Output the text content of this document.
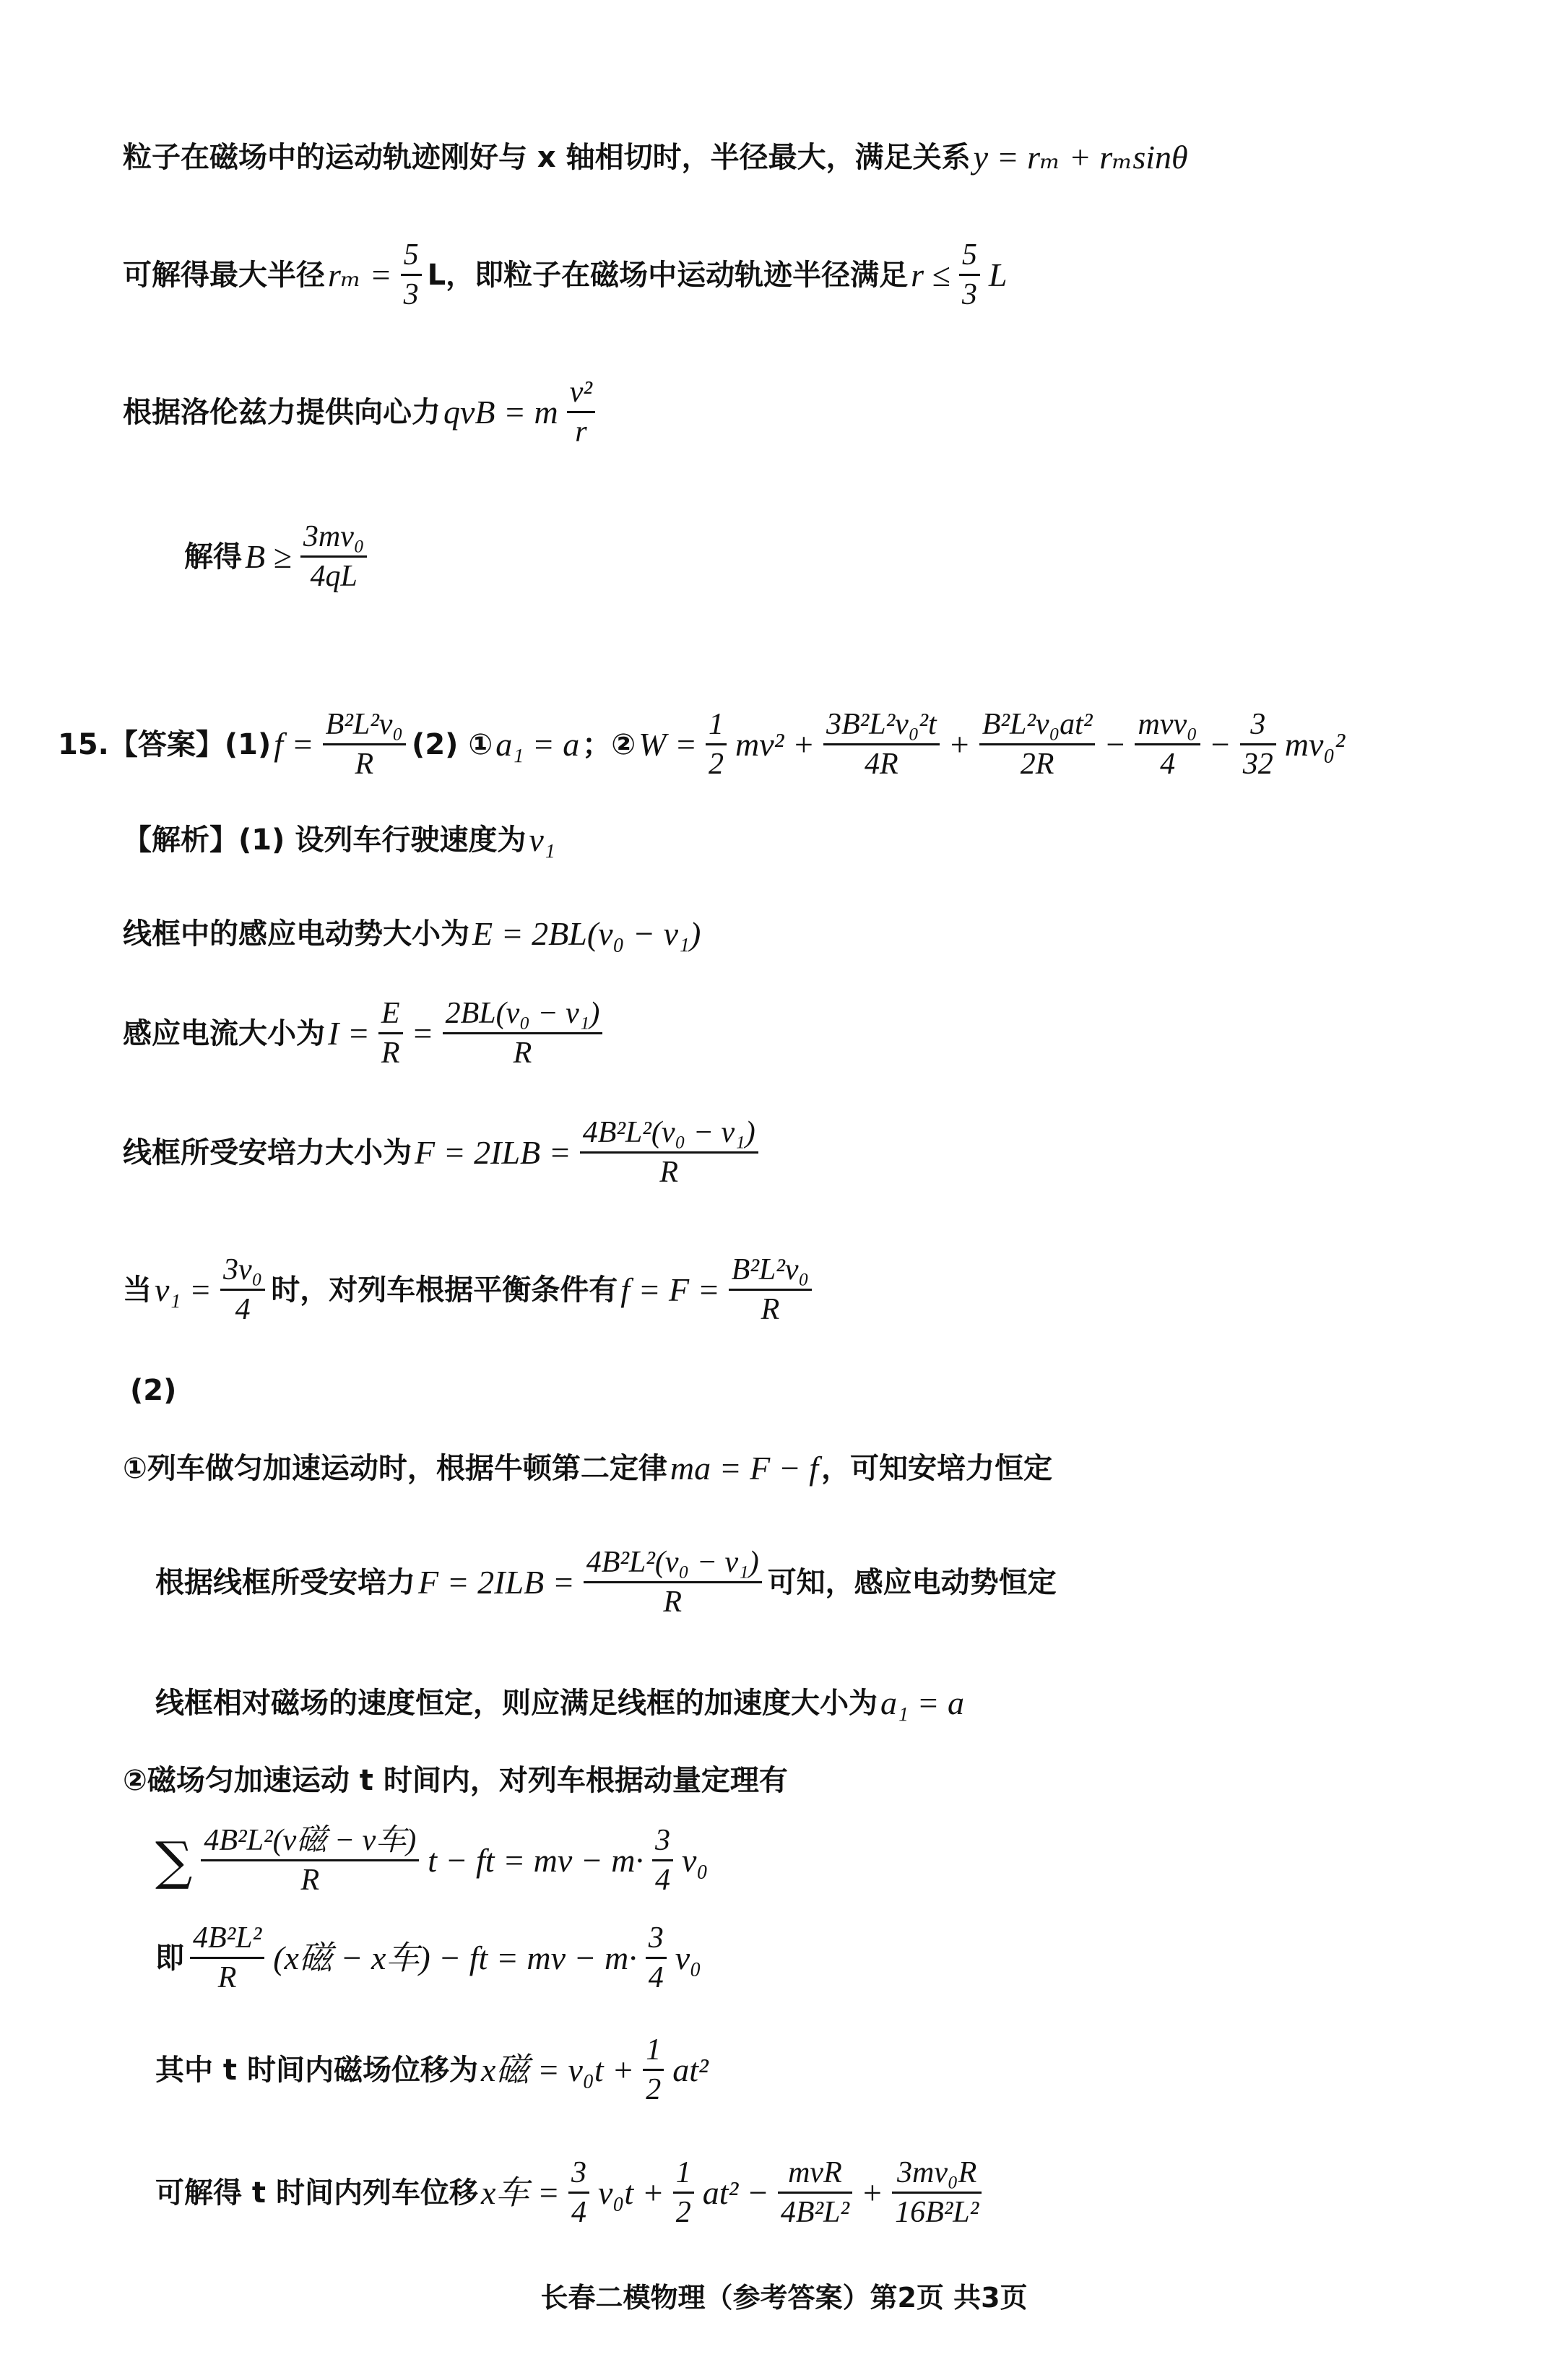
粒子在磁场中的运动轨迹刚好与 x 轴相切时，半径最大，满足关系 y = rₘ + rₘsinθ
可解得最大半径 $r_m = \frac{5}{3}$ L，即粒子在磁场中运动轨迹半径满足 $r \le \frac{5}{3}$ L
根据洛伦兹力提供向心力 qvB = m $\frac{\text{v²}}{r}$
解得 $B \ge \frac{\text{3mv₀}}{4qL}$
15.【答案】(1) $f = \frac{\text{B²L²v₀}}{R} (2)$ ① a₁ = a ；② $W = \frac{1}{2} mv^2 + \frac{\text{3B²L²v₀²t}}{4R} + \frac{\text{B²L²v₀at²}}{2R} - \frac{\text{mvv₀}}{4} - \frac{3}{32} mv_0^2$
【解析】(1) 设列车行驶速度为 v₁
线框中的感应电动势大小为 E = 2BL(v₀ − v₁)
感应电流大小为 $I = \frac{E}{R} = \frac{\text{2BL(v₀ − v₁)}}{R}$
线框所受安培力大小为 $F = 2ILB = \frac{\text{4B²L²(v₀ − v₁)}}{R}$
当 $v_1 = \frac{\text{3v₀}}{4}$ 时，对列车根据平衡条件有 $f = F = \frac{\text{B²L²v₀}}{R}$
(2)
①列车做匀加速运动时，根据牛顿第二定律 ma = F − f ，可知安培力恒定
根据线框所受安培力 $F = 2ILB = \frac{\text{4B²L²(v₀ − v₁)}}{R}$ 可知，感应电动势恒定
线框相对磁场的速度恒定，则应满足线框的加速度大小为 a₁ = a
②磁场匀加速运动 t 时间内，对列车根据动量定理有
∑ $\frac{\text{4B²L²(v磁 − v车)}}{R}$ t − ft = mv − $m\cdot \frac{3}{4} v_0$
即 $\frac{\text{4B²L²}}{R} (x$磁 − x车) − ft = mv − $m\cdot \frac{3}{4} v_0$
其中 t 时间内磁场位移为 x磁 = $v_0t + \frac{1}{2} at^2$
可解得 t 时间内列车位移 x车 = $\frac{3}{4} v_0t + \frac{1}{2} at^2 - \frac{\text{mvR}}{\text{4B²L²}} + \frac{\text{3mv₀R}}{\text{16B²L²}}$
长春二模物理（参考答案）第2页 共3页
